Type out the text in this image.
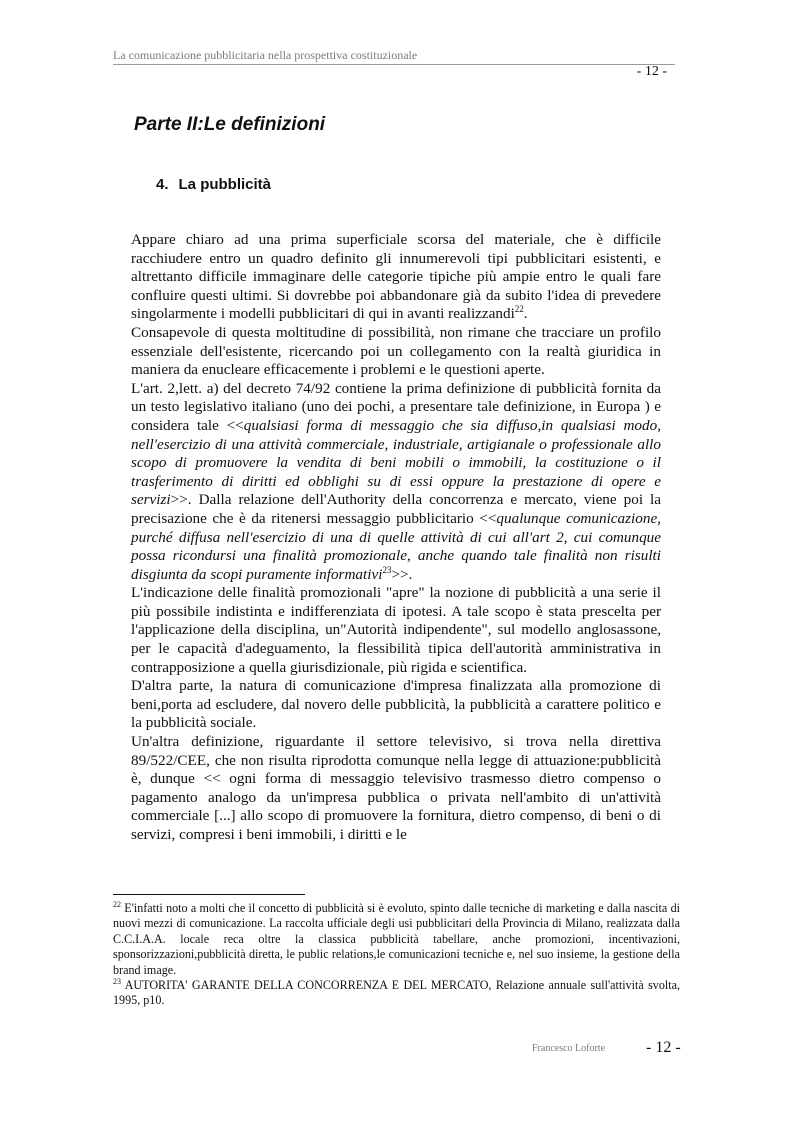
La comunicazione pubblicitaria nella prospettiva costituzionale
- 12 -
Parte II:Le definizioni
4. La pubblicità

Appare chiaro ad una prima superficiale scorsa del materiale, che è difficile racchiudere entro un quadro definito gli innumerevoli tipi pubblicitari esistenti, e altrettanto difficile immaginare delle categorie tipiche più ampie entro le quali fare confluire questi ultimi. Si dovrebbe poi abbandonare già da subito l'idea di prevedere singolarmente i modelli pubblicitari di qui in avanti realizzandi$^{22}$.

Consapevole di questa moltitudine di possibilità, non rimane che tracciare un profilo essenziale dell'esistente, ricercando poi un collegamento con la realtà giuridica in maniera da enucleare efficacemente i problemi e le questioni aperte.

L'art. 2,lett. a) del decreto 74/92 contiene la prima definizione di pubblicità fornita da un testo legislativo italiano (uno dei pochi, a presentare tale definizione, in Europa ) e considera tale <<qualsiasi forma di messaggio che sia diffuso,in qualsiasi modo, nell'esercizio di una attività commerciale, industriale, artigianale o professionale allo scopo di promuovere la vendita di beni mobili o immobili, la costituzione o il trasferimento di diritti ed obblighi su di essi oppure la prestazione di opere e servizi>>. Dalla relazione dell'Authority della concorrenza e mercato, viene poi la precisazione che è da ritenersi messaggio pubblicitario <<qualunque comunicazione, purché diffusa nell'esercizio di una di quelle attività di cui all'art 2, cui comunque possa ricondursi una finalità promozionale, anche quando tale finalità non risulti disgiunta da scopi puramente informativi$^{23}$>>.

L'indicazione delle finalità promozionali "apre" la nozione di pubblicità a una serie il più possibile indistinta e indifferenziata di ipotesi. A tale scopo è stata prescelta per l'applicazione della disciplina, un"Autorità indipendente", sul modello anglosassone, per le capacità d'adeguamento, la flessibilità tipica dell'autorità amministrativa in contrapposizione a quella giurisdizionale, più rigida e scientifica.

D'altra parte, la natura di comunicazione d'impresa finalizzata alla promozione di beni,porta ad escludere, dal novero delle pubblicità, la pubblicità a carattere politico e la pubblicità sociale.

Un'altra definizione, riguardante il settore televisivo, si trova nella direttiva 89/522/CEE, che non risulta riprodotta comunque nella legge di attuazione:pubblicità è, dunque << ogni forma di messaggio televisivo trasmesso dietro compenso o pagamento analogo da un'impresa pubblica o privata nell'ambito di un'attività commerciale [...] allo scopo di promuovere la fornitura, dietro compenso, di beni o di servizi, compresi i beni immobili, i diritti e le

$^{22}$ E'infatti noto a molti che il concetto di pubblicità si è evoluto, spinto dalle tecniche di marketing e dalla nascita di nuovi mezzi di comunicazione. La raccolta ufficiale degli usi pubblicitari della Provincia di Milano, realizzata dalla C.C.I.A.A. locale reca oltre la classica pubblicità tabellare, anche promozioni, incentivazioni, sponsorizzazioni,pubblicità diretta, le public relations,le comunicazioni tecniche e, nel suo insieme, la gestione della brand image.

$^{23}$ AUTORITA' GARANTE DELLA CONCORRENZA E DEL MERCATO, Relazione annuale sull'attività svolta, 1995, p10.

Francesco Loforte	- 12 -
